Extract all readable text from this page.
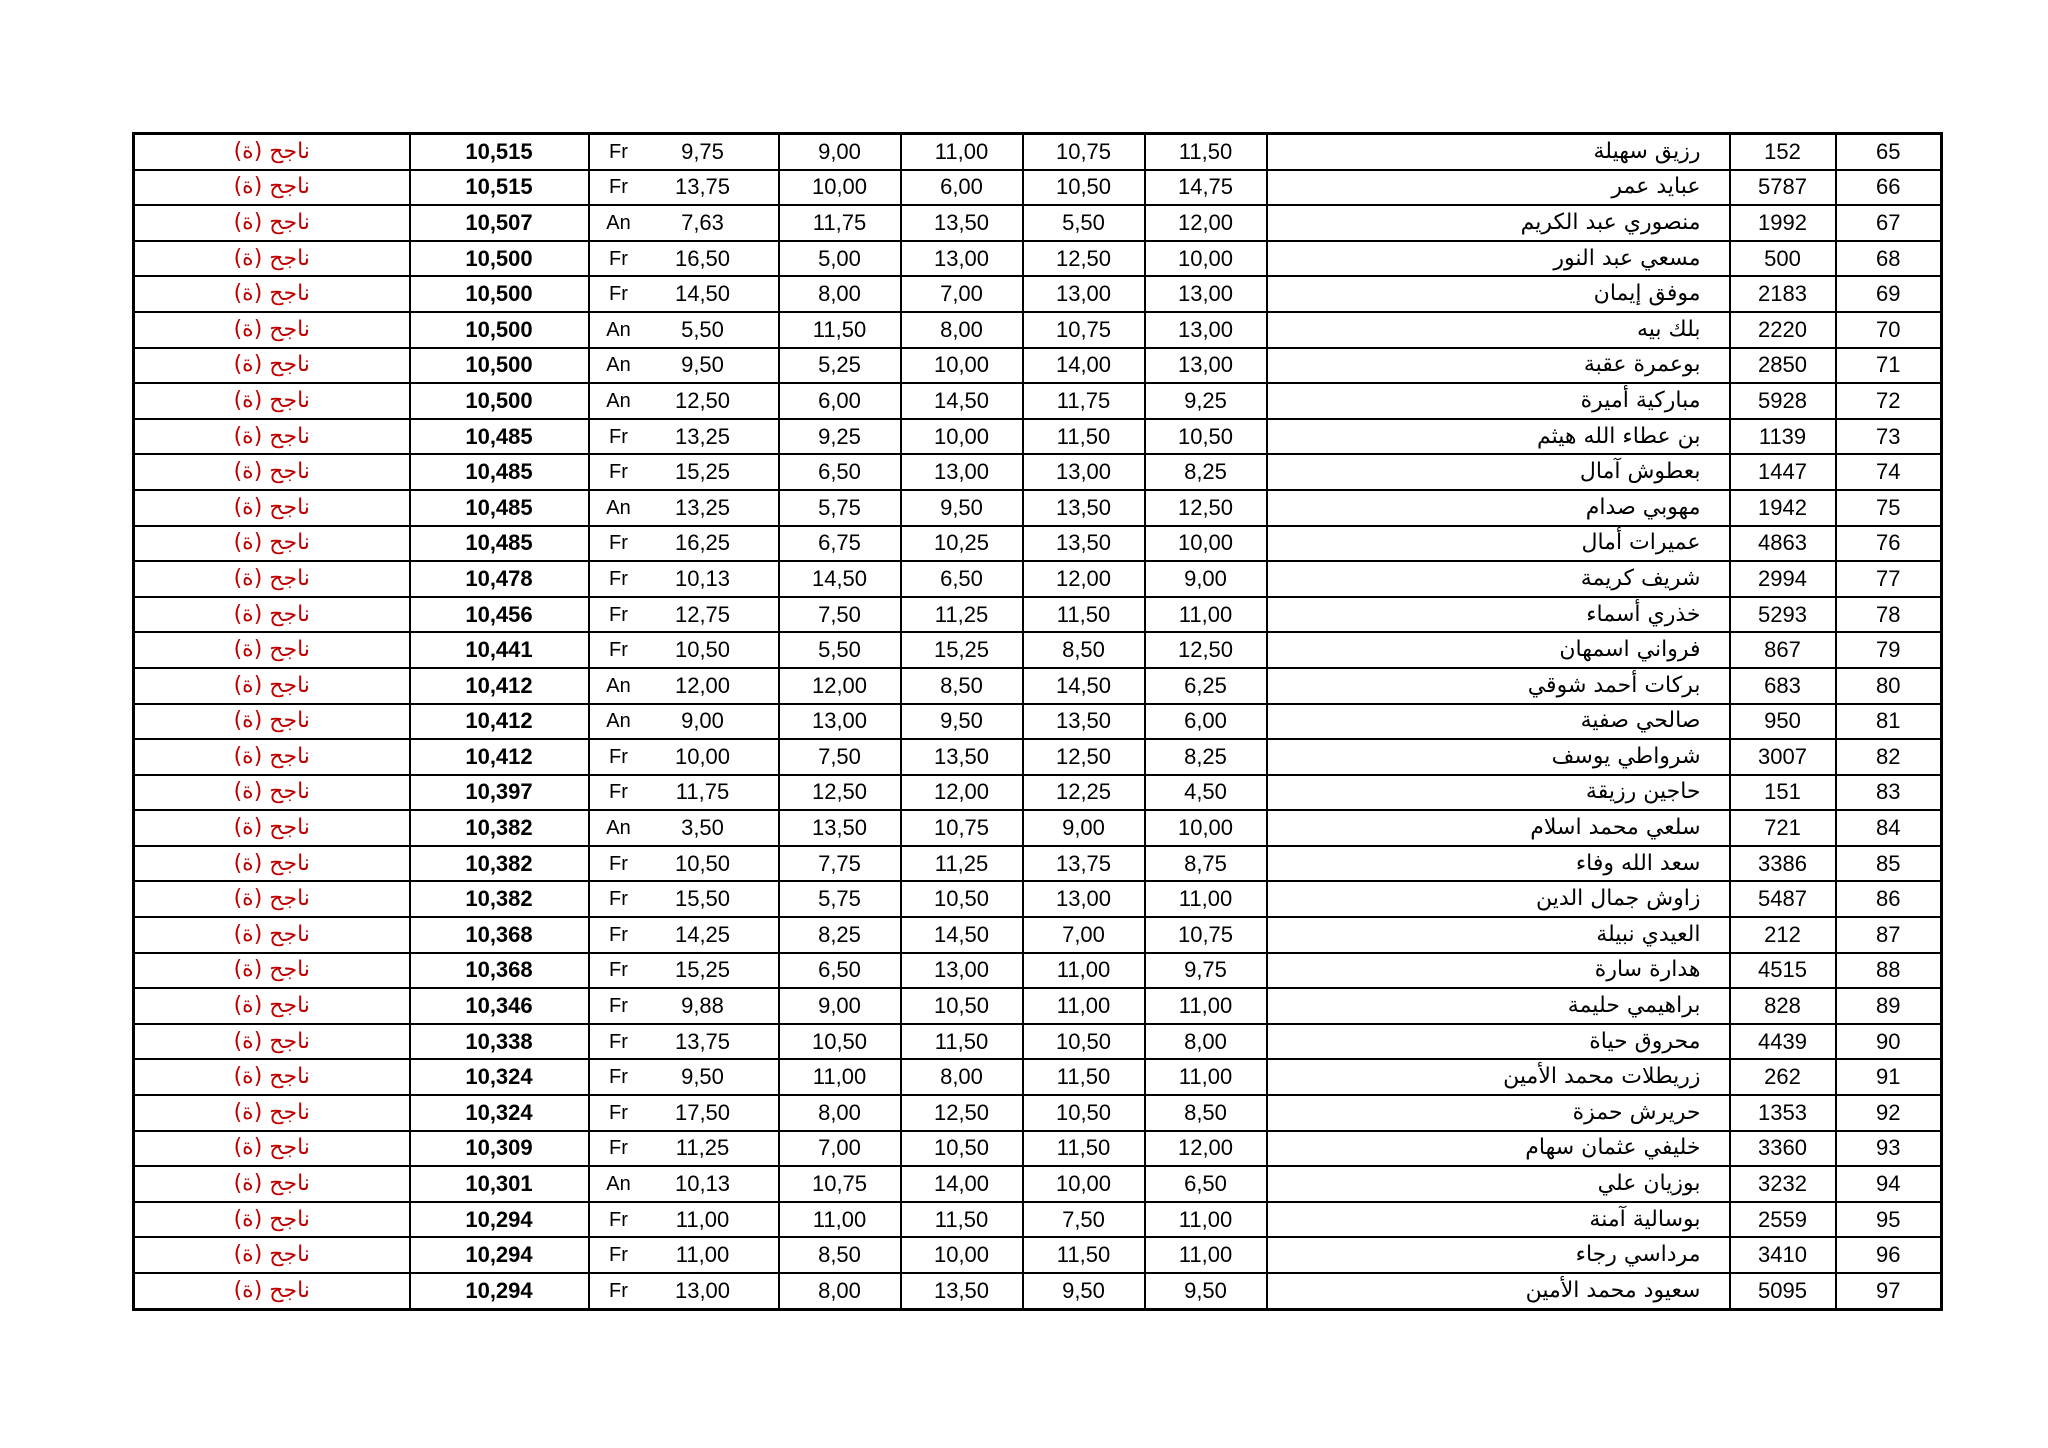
ناجح (ة)	10,515	Fr 9,75	9,00	11,00	10,75	11,50	رزيق سهيلة	152	65
ناجح (ة)	10,515	Fr 13,75	10,00	6,00	10,50	14,75	عبايد عمر	5787	66
ناجح (ة)	10,507	An 7,63	11,75	13,50	5,50	12,00	منصوري عبد الكريم	1992	67
ناجح (ة)	10,500	Fr 16,50	5,00	13,00	12,50	10,00	مسعي عبد النور	500	68
ناجح (ة)	10,500	Fr 14,50	8,00	7,00	13,00	13,00	موفق إيمان	2183	69
ناجح (ة)	10,500	An 5,50	11,50	8,00	10,75	13,00	بلك بيه	2220	70
ناجح (ة)	10,500	An 9,50	5,25	10,00	14,00	13,00	بوعمرة عقبة	2850	71
ناجح (ة)	10,500	An 12,50	6,00	14,50	11,75	9,25	مباركية أميرة	5928	72
ناجح (ة)	10,485	Fr 13,25	9,25	10,00	11,50	10,50	بن عطاء الله هيثم	1139	73
ناجح (ة)	10,485	Fr 15,25	6,50	13,00	13,00	8,25	بعطوش آمال	1447	74
ناجح (ة)	10,485	An 13,25	5,75	9,50	13,50	12,50	مهوبي صدام	1942	75
ناجح (ة)	10,485	Fr 16,25	6,75	10,25	13,50	10,00	عميرات أمال	4863	76
ناجح (ة)	10,478	Fr 10,13	14,50	6,50	12,00	9,00	شريف كريمة	2994	77
ناجح (ة)	10,456	Fr 12,75	7,50	11,25	11,50	11,00	خذري أسماء	5293	78
ناجح (ة)	10,441	Fr 10,50	5,50	15,25	8,50	12,50	فرواني اسمهان	867	79
ناجح (ة)	10,412	An 12,00	12,00	8,50	14,50	6,25	بركات أحمد شوقي	683	80
ناجح (ة)	10,412	An 9,00	13,00	9,50	13,50	6,00	صالحي صفية	950	81
ناجح (ة)	10,412	Fr 10,00	7,50	13,50	12,50	8,25	شرواطي يوسف	3007	82
ناجح (ة)	10,397	Fr 11,75	12,50	12,00	12,25	4,50	حاجين رزيقة	151	83
ناجح (ة)	10,382	An 3,50	13,50	10,75	9,00	10,00	سلعي محمد اسلام	721	84
ناجح (ة)	10,382	Fr 10,50	7,75	11,25	13,75	8,75	سعد الله وفاء	3386	85
ناجح (ة)	10,382	Fr 15,50	5,75	10,50	13,00	11,00	زاوش جمال الدين	5487	86
ناجح (ة)	10,368	Fr 14,25	8,25	14,50	7,00	10,75	العيدي نبيلة	212	87
ناجح (ة)	10,368	Fr 15,25	6,50	13,00	11,00	9,75	هدارة سارة	4515	88
ناجح (ة)	10,346	Fr 9,88	9,00	10,50	11,00	11,00	براهيمي حليمة	828	89
ناجح (ة)	10,338	Fr 13,75	10,50	11,50	10,50	8,00	محروق حياة	4439	90
ناجح (ة)	10,324	Fr 9,50	11,00	8,00	11,50	11,00	زريطلات محمد الأمين	262	91
ناجح (ة)	10,324	Fr 17,50	8,00	12,50	10,50	8,50	حريرش حمزة	1353	92
ناجح (ة)	10,309	Fr 11,25	7,00	10,50	11,50	12,00	خليفي عثمان سهام	3360	93
ناجح (ة)	10,301	An 10,13	10,75	14,00	10,00	6,50	بوزيان علي	3232	94
ناجح (ة)	10,294	Fr 11,00	11,00	11,50	7,50	11,00	بوسالية آمنة	2559	95
ناجح (ة)	10,294	Fr 11,00	8,50	10,00	11,50	11,00	مرداسي رجاء	3410	96
ناجح (ة)	10,294	Fr 13,00	8,00	13,50	9,50	9,50	سعيود محمد الأمين	5095	97
